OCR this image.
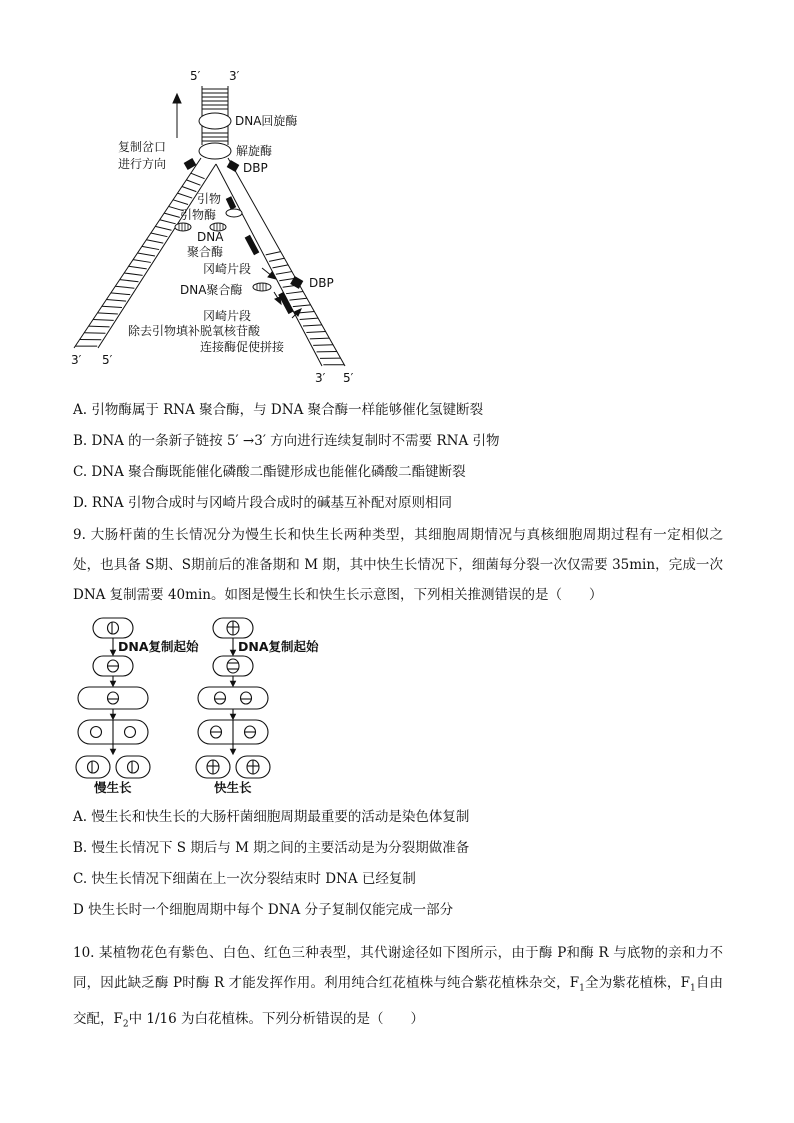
5′ 3′
DNA回旋酶
复制岔口
进行方向
解旋酶
DBP
引物
引物酶
DNA
聚合酶
冈崎片段
DBP
DNA聚合酶
冈崎片段
除去引物填补脱氧核苷酸
连接酶促使拼接
3′ 5′
3′ 5′
A. 引物酶属于 RNA 聚合酶，与 DNA 聚合酶一样能够催化氢键断裂
B. DNA 的一条新子链按 5′ →3′ 方向进行连续复制时不需要 RNA 引物
C. DNA 聚合酶既能催化磷酸二酯键形成也能催化磷酸二酯键断裂
D. RNA 引物合成时与冈崎片段合成时的碱基互补配对原则相同
9. 大肠杆菌的生长情况分为慢生长和快生长两种类型，其细胞周期情况与真核细胞周期过程有一定相似之处，也具备 S期、S期前后的准备期和 M 期，其中快生长情况下，细菌每分裂一次仅需要 35min，完成一次 DNA 复制需要 40min。如图是慢生长和快生长示意图，下列相关推测错误的是（　　）
DNA复制起始	DNA复制起始
慢生长	快生长
A. 慢生长和快生长的大肠杆菌细胞周期最重要的活动是染色体复制
B. 慢生长情况下 S 期后与 M 期之间的主要活动是为分裂期做准备
C. 快生长情况下细菌在上一次分裂结束时 DNA 已经复制
D 快生长时一个细胞周期中每个 DNA 分子复制仅能完成一部分
10. 某植物花色有紫色、白色、红色三种表型，其代谢途径如下图所示，由于酶 P和酶 R 与底物的亲和力不同，因此缺乏酶 P时酶 R 才能发挥作用。利用纯合红花植株与纯合紫花植株杂交，$F_1$全为紫花植株，$F_1$自由交配，$F_2$中 1/16 为白花植株。下列分析错误的是（　　）
